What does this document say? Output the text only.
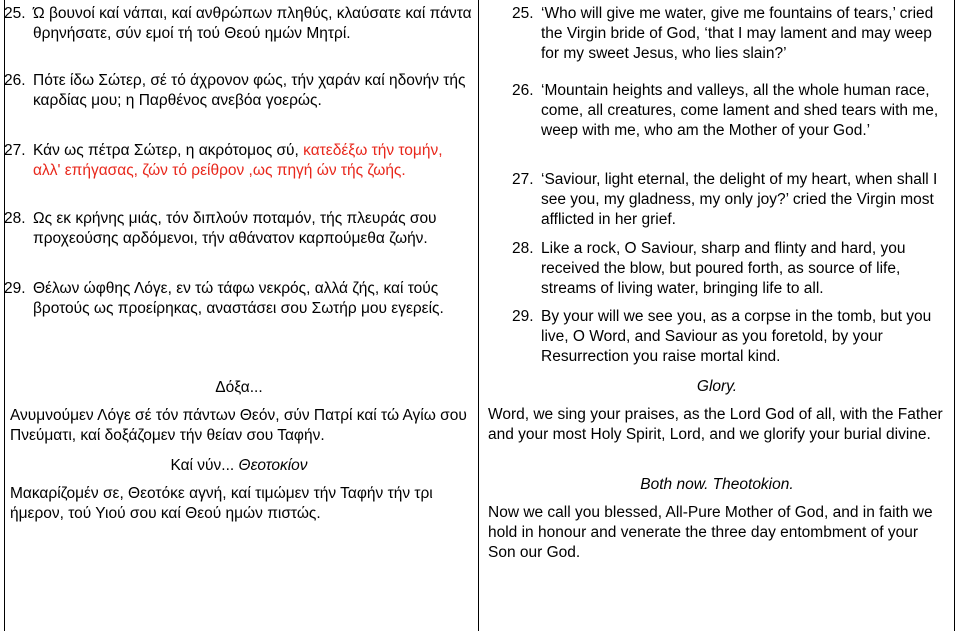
25. Ώ βουνοί καί νάπαι, καί ανθρώπων πληθύς, κλαύσατε καί πάντα θρηνήσατε, σύν εμοί τή τού Θεού ημών Μητρί.
26. Πότε ίδω Σώτερ, σέ τό άχρονον φώς, τήν χαράν καί ηδονήν τής καρδίας μου; η Παρθένος ανεβόα γοερώς.
27. Κάν ως πέτρα Σώτερ, η ακρότομος σύ, κατεδέξω τήν τομήν, αλλ' επήγασας, ζών τό ρείθρον ,ως πηγή ών τής ζωής.
28. Ως εκ κρήνης μιάς, τόν διπλούν ποταμόν, τής πλευράς σου προχεούσης αρδόμενοι, τήν αθάνατον καρπούμεθα ζωήν.
29. Θέλων ώφθης Λόγε, εν τώ τάφω νεκρός, αλλά ζής, καί τούς βροτούς ως προείρηκας, αναστάσει σου Σωτήρ μου εγερείς.
Δόξα...
Ανυμνούμεν Λόγε σέ τόν πάντων Θεόν, σύν Πατρί καί τώ Αγίω σου Πνεύματι, καί δοξάζομεν τήν θείαν σου Ταφήν.
Καί νύν... Θεοτοκίον
Μακαρίζομέν σε, Θεοτόκε αγνή, καί τιμώμεν τήν Ταφήν τήν τρι ήμερον, τού Υιού σου καί Θεού ημών πιστώς.
25. ‘Who will give me water, give me fountains of tears,’ cried the Virgin bride of God, ‘that I may lament and may weep for my sweet Jesus, who lies slain?’
26. ‘Mountain heights and valleys, all the whole human race, come, all creatures, come lament and shed tears with me, weep with me, who am the Mother of your God.’
27. ‘Saviour, light eternal, the delight of my heart, when shall I see you, my gladness, my only joy?’ cried the Virgin most afflicted in her grief.
28. Like a rock, O Saviour, sharp and flinty and hard, you received the blow, but poured forth, as source of life, streams of living water, bringing life to all.
29. By your will we see you, as a corpse in the tomb, but you live, O Word, and Saviour as you foretold, by your Resurrection you raise mortal kind.
Glory.
Word, we sing your praises, as the Lord God of all, with the Father and your most Holy Spirit, Lord, and we glorify your burial divine.
Both now. Theotokion.
Now we call you blessed, All-Pure Mother of God, and in faith we hold in honour and venerate the three day entombment of your Son our God.
